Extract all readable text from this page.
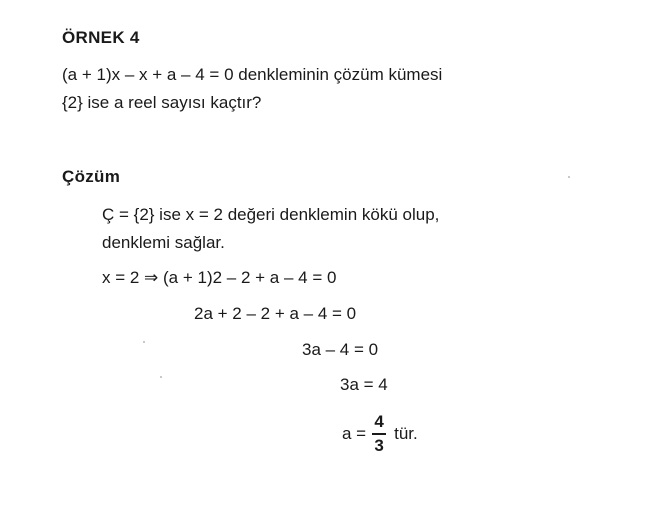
ÖRNEK 4
(a + 1)x – x + a – 4 = 0 denkleminin çözüm kümesi
{2} ise a reel sayısı kaçtır?
Çözüm
Ç = {2} ise x = 2 değeri denklemin kökü olup,
denklemi sağlar.
x = 2 ⇒ (a + 1)2 – 2 + a – 4 = 0
2a + 2 – 2 + a – 4 = 0
3a – 4 = 0
3a = 4
$a = \frac{4}{3}$ tür.
